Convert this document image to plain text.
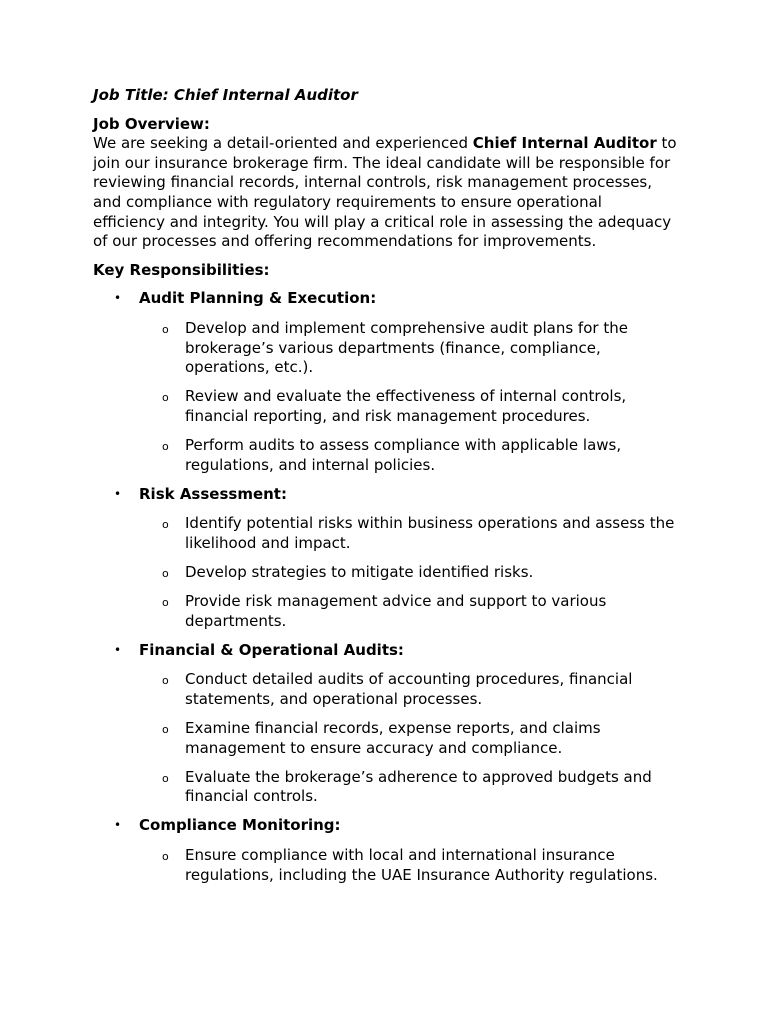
Job Title: Chief Internal Auditor

Job Overview:

We are seeking a detail-oriented and experienced Chief Internal Auditor to join our insurance brokerage firm. The ideal candidate will be responsible for reviewing financial records, internal controls, risk management processes, and compliance with regulatory requirements to ensure operational efficiency and integrity. You will play a critical role in assessing the adequacy of our processes and offering recommendations for improvements.

Key Responsibilities:

• Audit Planning & Execution:
o Develop and implement comprehensive audit plans for the brokerage’s various departments (finance, compliance, operations, etc.).
o Review and evaluate the effectiveness of internal controls, financial reporting, and risk management procedures.
o Perform audits to assess compliance with applicable laws, regulations, and internal policies.
• Risk Assessment:
o Identify potential risks within business operations and assess the likelihood and impact.
o Develop strategies to mitigate identified risks.
o Provide risk management advice and support to various departments.
• Financial & Operational Audits:
o Conduct detailed audits of accounting procedures, financial statements, and operational processes.
o Examine financial records, expense reports, and claims management to ensure accuracy and compliance.
o Evaluate the brokerage’s adherence to approved budgets and financial controls.
• Compliance Monitoring:
o Ensure compliance with local and international insurance regulations, including the UAE Insurance Authority regulations.
